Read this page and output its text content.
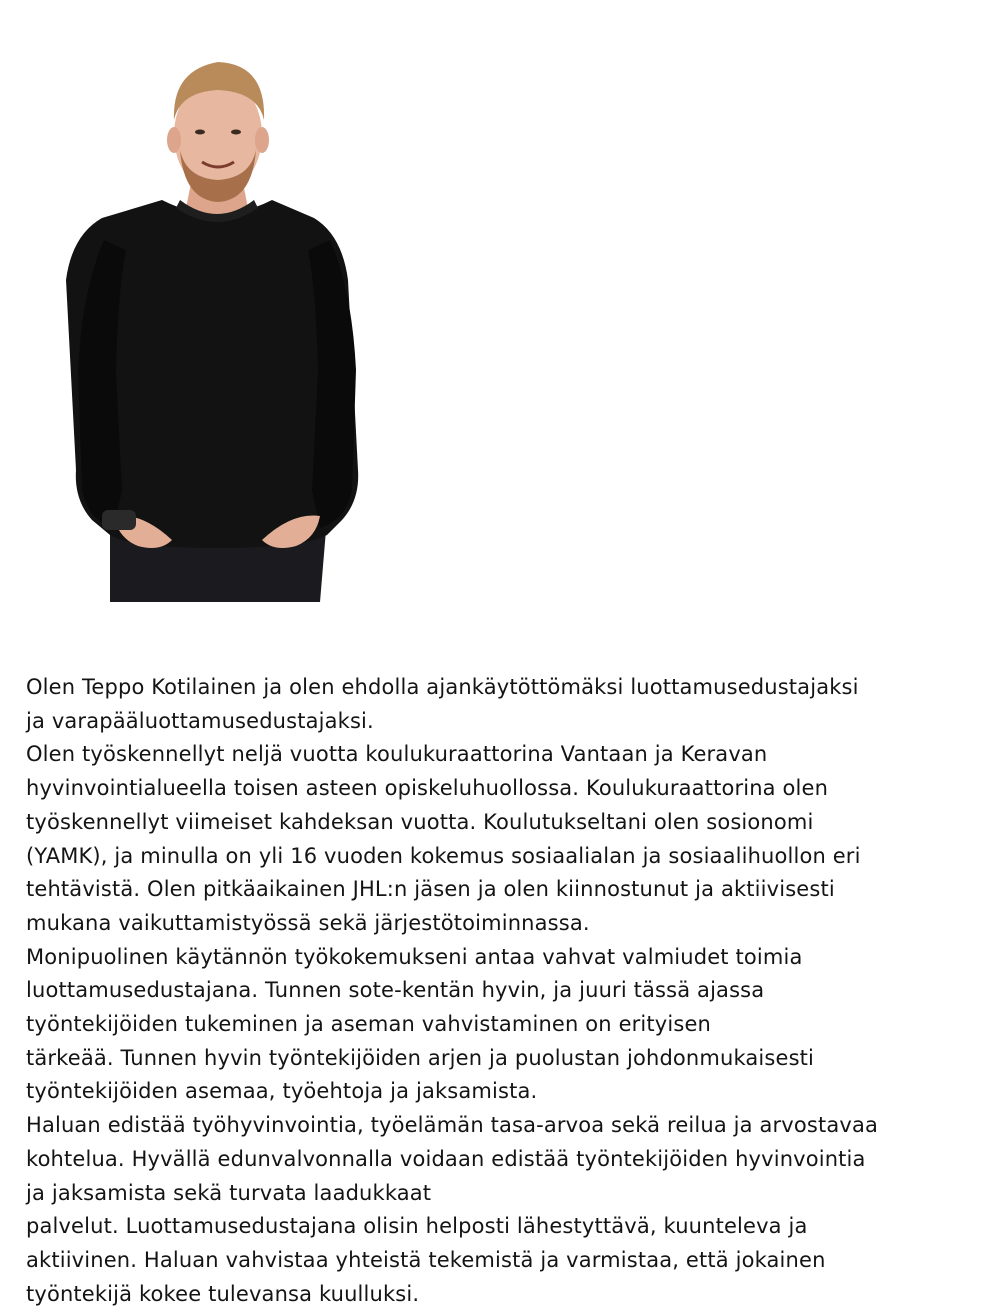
Olen Teppo Kotilainen ja olen ehdolla ajankäytöttömäksi luottamusedustajaksi
ja varapääluottamusedustajaksi.
Olen työskennellyt neljä vuotta koulukuraattorina Vantaan ja Keravan
hyvinvointialueella toisen asteen opiskeluhuollossa. Koulukuraattorina olen
työskennellyt viimeiset kahdeksan vuotta. Koulutukseltani olen sosionomi
(YAMK), ja minulla on yli 16 vuoden kokemus sosiaalialan ja sosiaalihuollon eri
tehtävistä. Olen pitkäaikainen JHL:n jäsen ja olen kiinnostunut ja aktiivisesti
mukana vaikuttamistyössä sekä järjestötoiminnassa.
Monipuolinen käytännön työkokemukseni antaa vahvat valmiudet toimia
luottamusedustajana. Tunnen sote-kentän hyvin, ja juuri tässä ajassa
työntekijöiden tukeminen ja aseman vahvistaminen on erityisen
tärkeää. Tunnen hyvin työntekijöiden arjen ja puolustan johdonmukaisesti
työntekijöiden asemaa, työehtoja ja jaksamista.
Haluan edistää työhyvinvointia, työelämän tasa-arvoa sekä reilua ja arvostavaa
kohtelua. Hyvällä edunvalvonnalla voidaan edistää työntekijöiden hyvinvointia
ja jaksamista sekä turvata laadukkaat
palvelut. Luottamusedustajana olisin helposti lähestyttävä, kuunteleva ja
aktiivinen. Haluan vahvistaa yhteistä tekemistä ja varmistaa, että jokainen
työntekijä kokee tulevansa kuulluksi.
